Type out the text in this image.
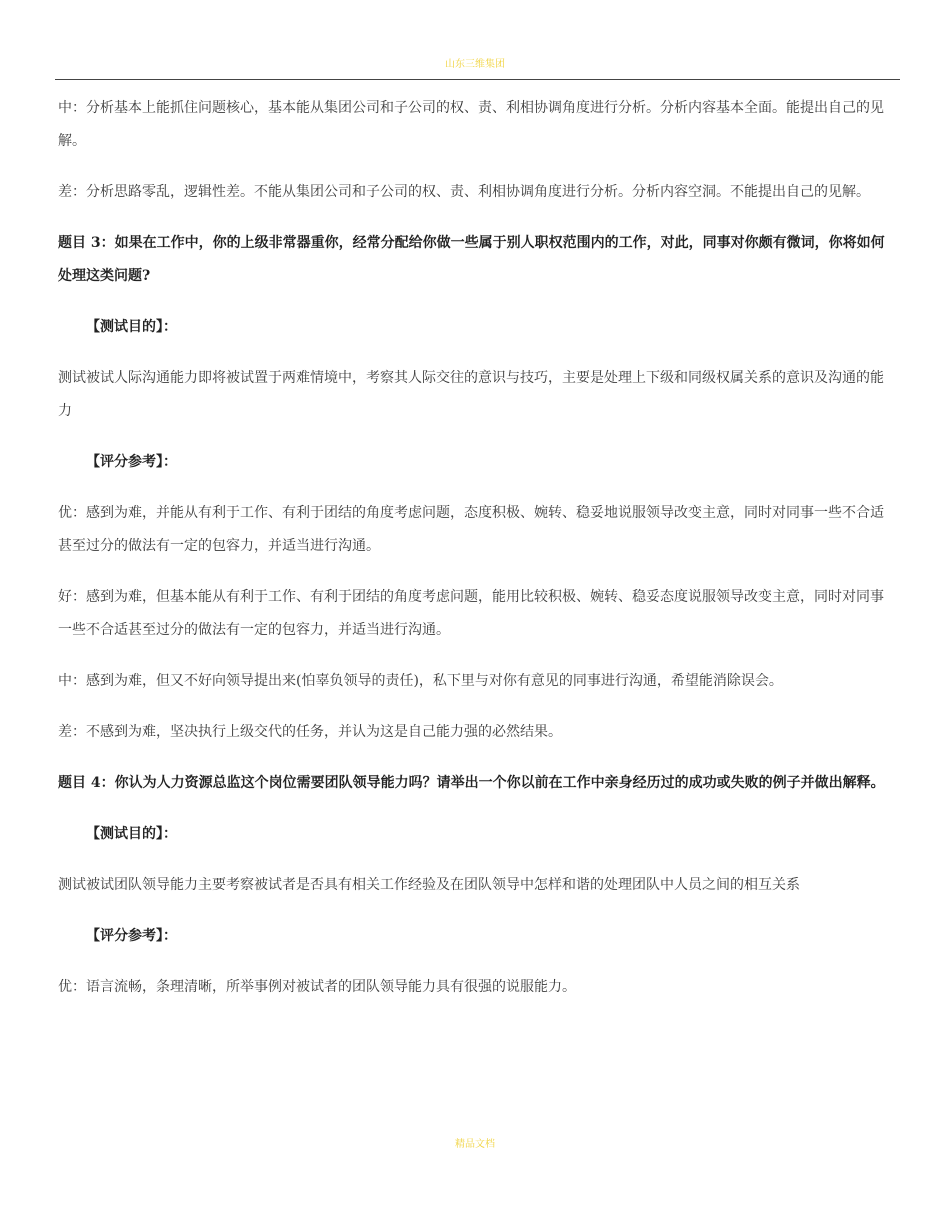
山东三维集团

中：分析基本上能抓住问题核心，基本能从集团公司和子公司的权、责、利相协调角度进行分析。分析内容基本全面。能提出自己的见解。

差：分析思路零乱，逻辑性差。不能从集团公司和子公司的权、责、利相协调角度进行分析。分析内容空洞。不能提出自己的见解。

题目 3：如果在工作中，你的上级非常器重你，经常分配给你做一些属于别人职权范围内的工作，对此，同事对你颇有微词，你将如何处理这类问题?

【测试目的】：

测试被试人际沟通能力即将被试置于两难情境中，考察其人际交往的意识与技巧，主要是处理上下级和同级权属关系的意识及沟通的能力

【评分参考】：

优：感到为难，并能从有利于工作、有利于团结的角度考虑问题，态度积极、婉转、稳妥地说服领导改变主意，同时对同事一些不合适甚至过分的做法有一定的包容力，并适当进行沟通。

好：感到为难，但基本能从有利于工作、有利于团结的角度考虑问题，能用比较积极、婉转、稳妥态度说服领导改变主意，同时对同事一些不合适甚至过分的做法有一定的包容力，并适当进行沟通。

中：感到为难，但又不好向领导提出来(怕辜负领导的责任)，私下里与对你有意见的同事进行沟通，希望能消除误会。

差：不感到为难，坚决执行上级交代的任务，并认为这是自己能力强的必然结果。

题目 4：你认为人力资源总监这个岗位需要团队领导能力吗？请举出一个你以前在工作中亲身经历过的成功或失败的例子并做出解释。

【测试目的】：

测试被试团队领导能力主要考察被试者是否具有相关工作经验及在团队领导中怎样和谐的处理团队中人员之间的相互关系

【评分参考】：

优：语言流畅，条理清晰，所举事例对被试者的团队领导能力具有很强的说服能力。

精品文档
